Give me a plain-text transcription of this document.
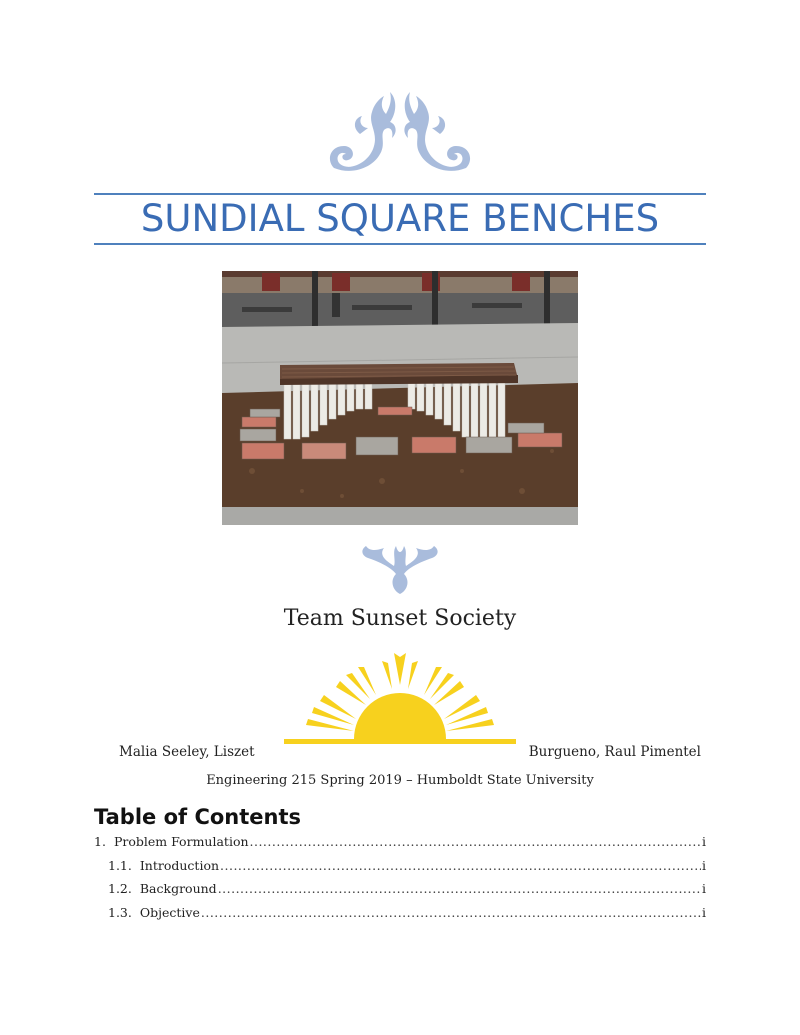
SUNDIAL SQUARE BENCHES
Team Sunset Society
Malia Seeley, Liszet	Burgueno, Raul Pimentel
Engineering 215 Spring 2019 – Humboldt State University
Table of Contents
1. Problem Formulation .....	i
1.1. Introduction .....	i
1.2. Background .....	i
1.3. Objective .....	i
